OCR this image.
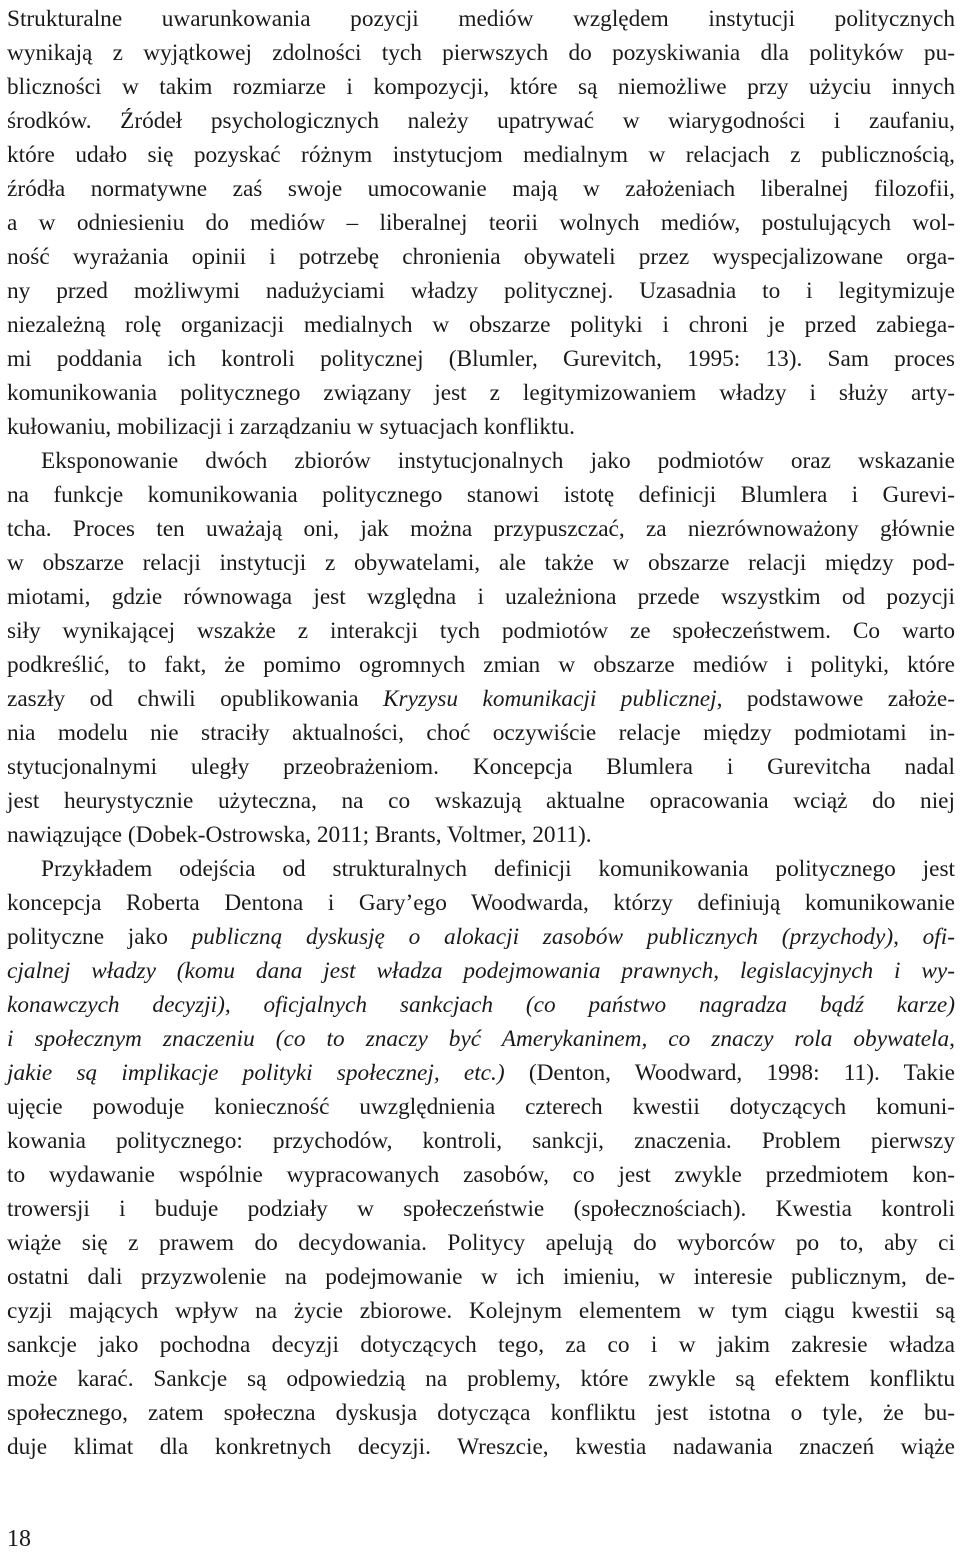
Strukturalne uwarunkowania pozycji mediów względem instytucji politycznych
wynikają z wyjątkowej zdolności tych pierwszych do pozyskiwania dla polityków pu-
bliczności w takim rozmiarze i kompozycji, które są niemożliwe przy użyciu innych
środków. Źródeł psychologicznych należy upatrywać w wiarygodności i zaufaniu,
które udało się pozyskać różnym instytucjom medialnym w relacjach z publicznością,
źródła normatywne zaś swoje umocowanie mają w założeniach liberalnej filozofii,
a w odniesieniu do mediów – liberalnej teorii wolnych mediów, postulujących wol-
ność wyrażania opinii i potrzebę chronienia obywateli przez wyspecjalizowane orga-
ny przed możliwymi nadużyciami władzy politycznej. Uzasadnia to i legitymizuje
niezależną rolę organizacji medialnych w obszarze polityki i chroni je przed zabiega-
mi poddania ich kontroli politycznej (Blumler, Gurevitch, 1995: 13). Sam proces
komunikowania politycznego związany jest z legitymizowaniem władzy i służy arty-
kułowaniu, mobilizacji i zarządzaniu w sytuacjach konfliktu.
Eksponowanie dwóch zbiorów instytucjonalnych jako podmiotów oraz wskazanie
na funkcje komunikowania politycznego stanowi istotę definicji Blumlera i Gurevi-
tcha. Proces ten uważają oni, jak można przypuszczać, za niezrównoważony głównie
w obszarze relacji instytucji z obywatelami, ale także w obszarze relacji między pod-
miotami, gdzie równowaga jest względna i uzależniona przede wszystkim od pozycji
siły wynikającej wszakże z interakcji tych podmiotów ze społeczeństwem. Co warto
podkreślić, to fakt, że pomimo ogromnych zmian w obszarze mediów i polityki, które
zaszły od chwili opublikowania Kryzysu komunikacji publicznej, podstawowe założe-
nia modelu nie straciły aktualności, choć oczywiście relacje między podmiotami in-
stytucjonalnymi uległy przeobrażeniom. Koncepcja Blumlera i Gurevitcha nadal
jest heurystycznie użyteczna, na co wskazują aktualne opracowania wciąż do niej
nawiązujące (Dobek-Ostrowska, 2011; Brants, Voltmer, 2011).
Przykładem odejścia od strukturalnych definicji komunikowania politycznego jest
koncepcja Roberta Dentona i Gary’ego Woodwarda, którzy definiują komunikowanie
polityczne jako publiczną dyskusję o alokacji zasobów publicznych (przychody), ofi-
cjalnej władzy (komu dana jest władza podejmowania prawnych, legislacyjnych i wy-
konawczych decyzji), oficjalnych sankcjach (co państwo nagradza bądź karze)
i społecznym znaczeniu (co to znaczy być Amerykaninem, co znaczy rola obywatela,
jakie są implikacje polityki społecznej, etc.) (Denton, Woodward, 1998: 11). Takie
ujęcie powoduje konieczność uwzględnienia czterech kwestii dotyczących komuni-
kowania politycznego: przychodów, kontroli, sankcji, znaczenia. Problem pierwszy
to wydawanie wspólnie wypracowanych zasobów, co jest zwykle przedmiotem kon-
trowersji i buduje podziały w społeczeństwie (społecznościach). Kwestia kontroli
wiąże się z prawem do decydowania. Politycy apelują do wyborców po to, aby ci
ostatni dali przyzwolenie na podejmowanie w ich imieniu, w interesie publicznym, de-
cyzji mających wpływ na życie zbiorowe. Kolejnym elementem w tym ciągu kwestii są
sankcje jako pochodna decyzji dotyczących tego, za co i w jakim zakresie władza
może karać. Sankcje są odpowiedzią na problemy, które zwykle są efektem konfliktu
społecznego, zatem społeczna dyskusja dotycząca konfliktu jest istotna o tyle, że bu-
duje klimat dla konkretnych decyzji. Wreszcie, kwestia nadawania znaczeń wiąże
18
